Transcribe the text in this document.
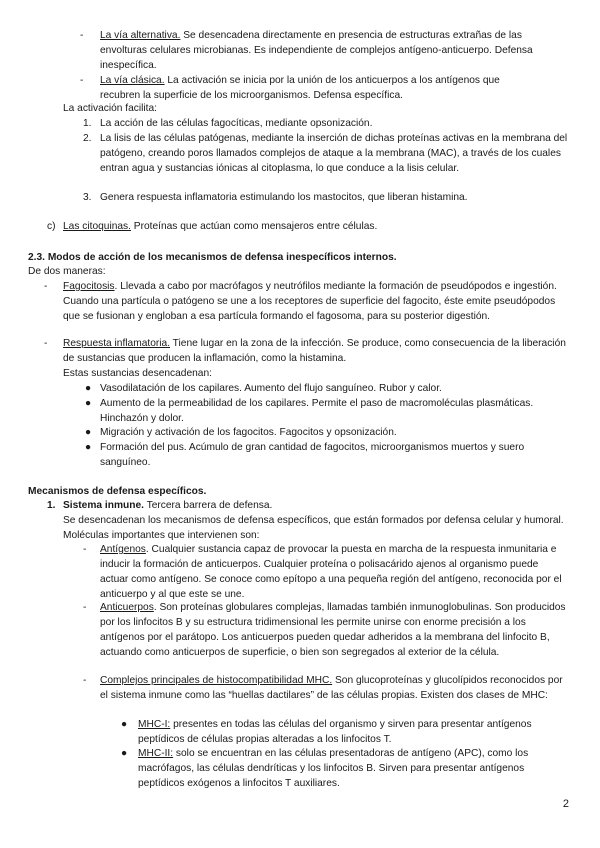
- La vía alternativa. Se desencadena directamente en presencia de estructuras extrañas de las envolturas celulares microbianas. Es independiente de complejos antígeno-anticuerpo. Defensa inespecífica.
- La vía clásica. La activación se inicia por la unión de los anticuerpos a los antígenos que recubren la superficie de los microorganismos. Defensa específica.
La activación facilita:
1. La acción de las células fagocíticas, mediante opsonización.
2. La lisis de las células patógenas, mediante la inserción de dichas proteínas activas en la membrana del patógeno, creando poros llamados complejos de ataque a la membrana (MAC), a través de los cuales entran agua y sustancias iónicas al citoplasma, lo que conduce a la lisis celular.
3. Genera respuesta inflamatoria estimulando los mastocitos, que liberan histamina.
c) Las citoquinas. Proteínas que actúan como mensajeros entre células.
2.3. Modos de acción de los mecanismos de defensa inespecíficos internos.
De dos maneras:
- Fagocitosis. Llevada a cabo por macrófagos y neutrófilos mediante la formación de pseudópodos e ingestión. Cuando una partícula o patógeno se une a los receptores de superficie del fagocito, éste emite pseudópodos que se fusionan y engloban a esa partícula formando el fagosoma, para su posterior digestión.
- Respuesta inflamatoria. Tiene lugar en la zona de la infección. Se produce, como consecuencia de la liberación de sustancias que producen la inflamación, como la histamina.
Estas sustancias desencadenan:
● Vasodilatación de los capilares. Aumento del flujo sanguíneo. Rubor y calor.
● Aumento de la permeabilidad de los capilares. Permite el paso de macromoléculas plasmáticas. Hinchazón y dolor.
● Migración y activación de los fagocitos. Fagocitos y opsonización.
● Formación del pus. Acúmulo de gran cantidad de fagocitos, microorganismos muertos y suero sanguíneo.
Mecanismos de defensa específicos.
1. Sistema inmune. Tercera barrera de defensa.
Se desencadenan los mecanismos de defensa específicos, que están formados por defensa celular y humoral. Moléculas importantes que intervienen son:
- Antígenos. Cualquier sustancia capaz de provocar la puesta en marcha de la respuesta inmunitaria e inducir la formación de anticuerpos. Cualquier proteína o polisacárido ajenos al organismo puede actuar como antígeno. Se conoce como epítopo a una pequeña región del antígeno, reconocida por el anticuerpo y al que este se une.
- Anticuerpos. Son proteínas globulares complejas, llamadas también inmunoglobulinas. Son producidos por los linfocitos B y su estructura tridimensional les permite unirse con enorme precisión a los antígenos por el parátopo. Los anticuerpos pueden quedar adheridos a la membrana del linfocito B, actuando como anticuerpos de superficie, o bien son segregados al exterior de la célula.
- Complejos principales de histocompatibilidad MHC. Son glucoproteínas y glucolípidos reconocidos por el sistema inmune como las “huellas dactilares” de las células propias. Existen dos clases de MHC:
● MHC-I: presentes en todas las células del organismo y sirven para presentar antígenos peptídicos de células propias alteradas a los linfocitos T.
● MHC-II: solo se encuentran en las células presentadoras de antígeno (APC), como los macrófagos, las células dendríticas y los linfocitos B. Sirven para presentar antígenos peptídicos exógenos a linfocitos T auxiliares.
2
